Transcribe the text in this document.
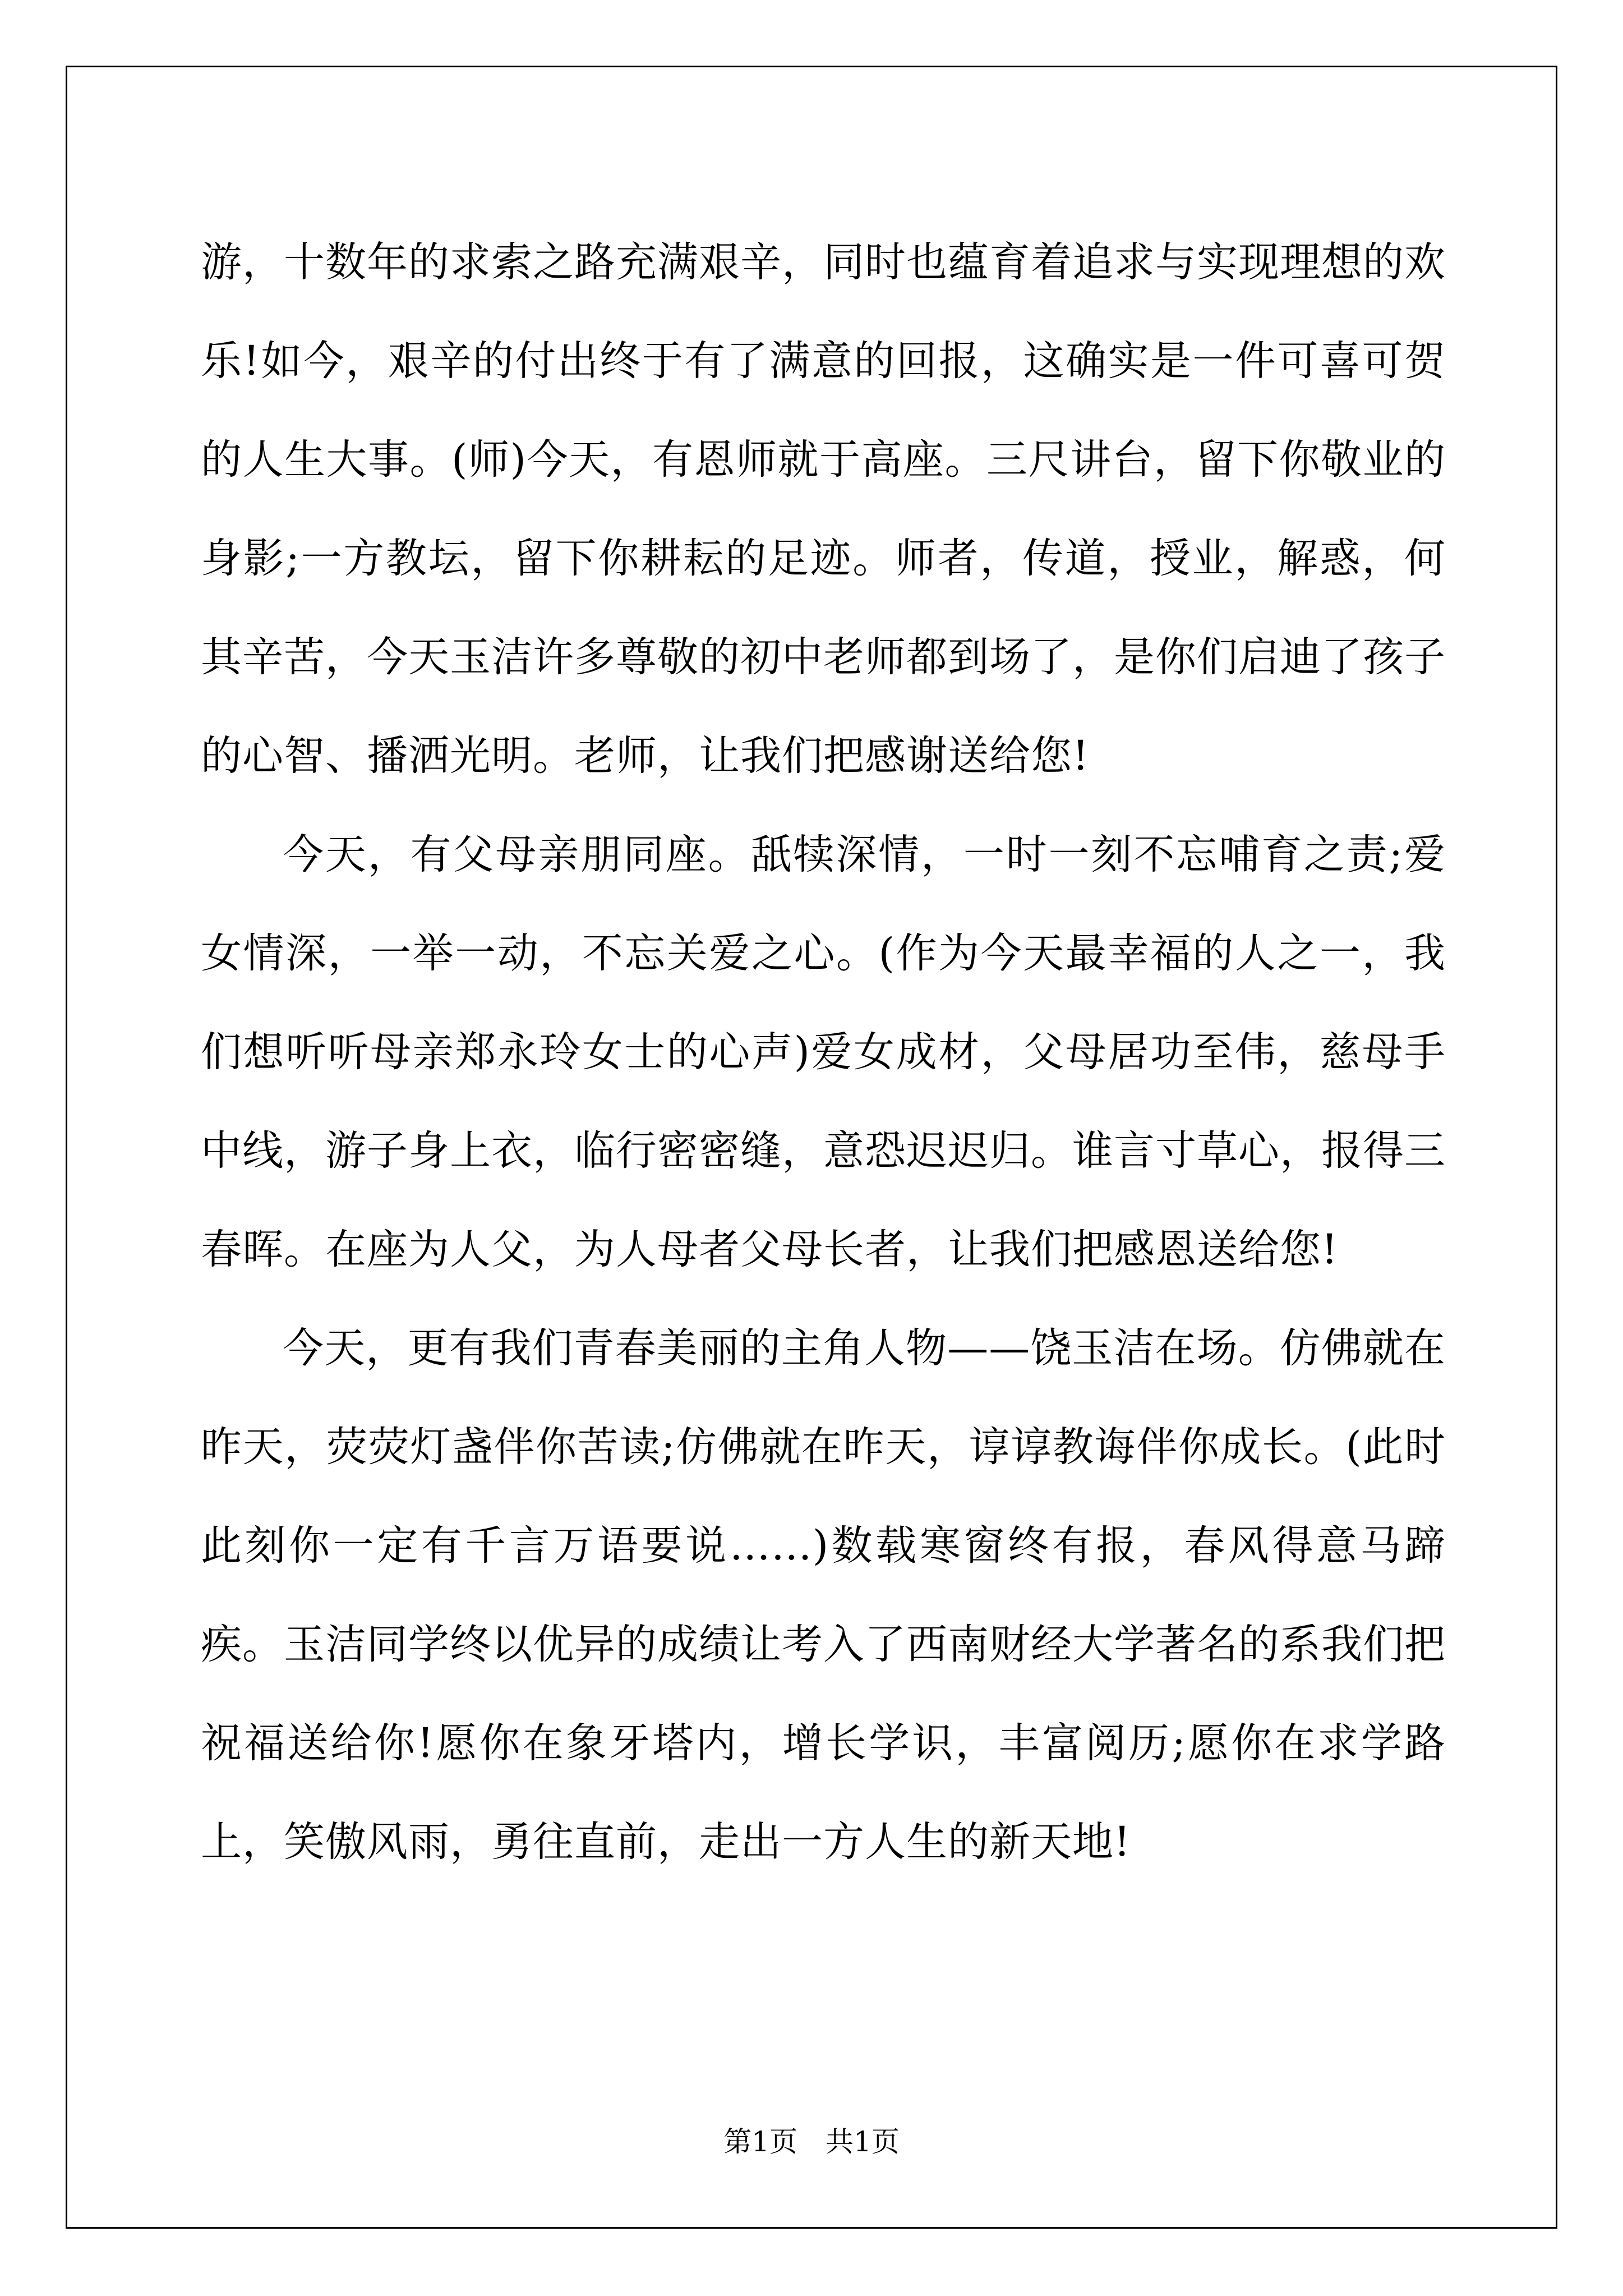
游，十数年的求索之路充满艰辛，同时也蕴育着追求与实现理想的欢乐!如今，艰辛的付出终于有了满意的回报，这确实是一件可喜可贺的人生大事。(师)今天，有恩师就于高座。三尺讲台，留下你敬业的身影;一方教坛，留下你耕耘的足迹。师者，传道，授业，解惑，何其辛苦，今天玉洁许多尊敬的初中老师都到场了，是你们启迪了孩子的心智、播洒光明。老师，让我们把感谢送给您!

今天，有父母亲朋同座。舐犊深情，一时一刻不忘哺育之责;爱女情深，一举一动，不忘关爱之心。(作为今天最幸福的人之一，我们想听听母亲郑永玲女士的心声)爱女成材，父母居功至伟，慈母手中线，游子身上衣，临行密密缝，意恐迟迟归。谁言寸草心，报得三春晖。在座为人父，为人母者父母长者，让我们把感恩送给您!

今天，更有我们青春美丽的主角人物——饶玉洁在场。仿佛就在昨天，荧荧灯盏伴你苦读;仿佛就在昨天，谆谆教诲伴你成长。(此时此刻你一定有千言万语要说……)数载寒窗终有报，春风得意马蹄疾。玉洁同学终以优异的成绩让考入了西南财经大学著名的系我们把祝福送给你!愿你在象牙塔内，增长学识，丰富阅历;愿你在求学路上，笑傲风雨，勇往直前，走出一方人生的新天地!

第1页　共1页
